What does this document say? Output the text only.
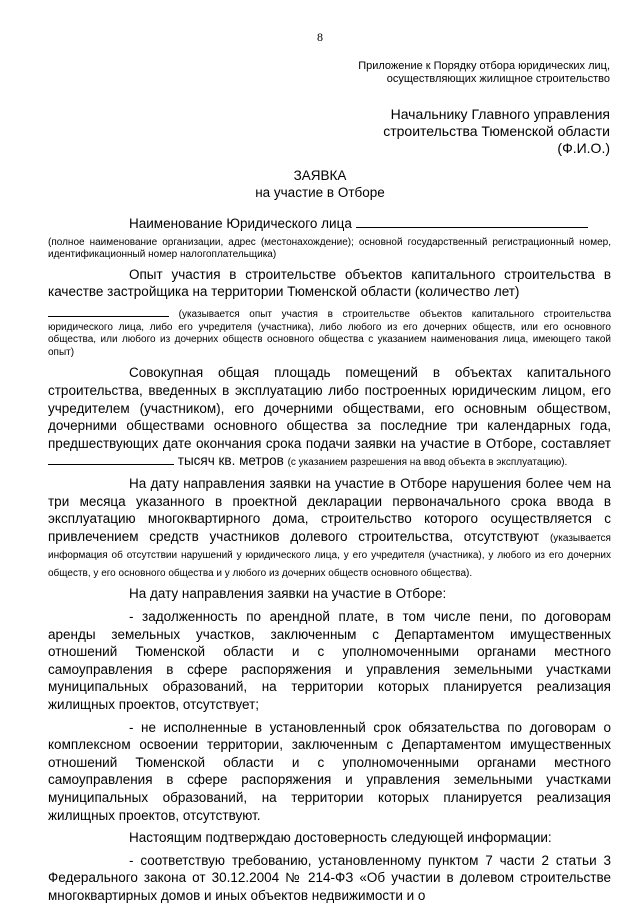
8
Приложение к Порядку отбора юридических лиц,
осуществляющих жилищное строительство
Начальнику Главного управления
строительства Тюменской области
(Ф.И.О.)
ЗАЯВКА
на участие в Отборе

Наименование Юридического лица

(полное наименование организации, адрес (местонахождение); основной государственный регистрационный номер, идентификационный номер налогоплательщика)

Опыт участия в строительстве объектов капитального строительства в качестве застройщика на территории Тюменской области (количество лет)

(указывается опыт участия в строительстве объектов капитального строительства юридического лица, либо его учредителя (участника), либо любого из его дочерних обществ, или его основного общества, или любого из дочерних обществ основного общества с указанием наименования лица, имеющего такой опыт)

Совокупная общая площадь помещений в объектах капитального строительства, введенных в эксплуатацию либо построенных юридическим лицом, его учредителем (участником), его дочерними обществами, его основным обществом, дочерними обществами основного общества за последние три календарных года, предшествующих дате окончания срока подачи заявки на участие в Отборе, составляет  тысяч кв. метров (с указанием разрешения на ввод объекта в эксплуатацию).

На дату направления заявки на участие в Отборе нарушения более чем на три месяца указанного в проектной декларации первоначального срока ввода в эксплуатацию многоквартирного дома, строительство которого осуществляется с привлечением средств участников долевого строительства, отсутствуют (указывается информация об отсутствии нарушений у юридического лица, у его учредителя (участника), у любого из его дочерних обществ, у его основного общества и у любого из дочерних обществ основного общества).

На дату направления заявки на участие в Отборе:

- задолженность по арендной плате, в том числе пени, по договорам аренды земельных участков, заключенным с Департаментом имущественных отношений Тюменской области и с уполномоченными органами местного самоуправления в сфере распоряжения и управления земельными участками муниципальных образований, на территории которых планируется реализация жилищных проектов, отсутствует;

- не исполненные в установленный срок обязательства по договорам о комплексном освоении территории, заключенным с Департаментом имущественных отношений Тюменской области и с уполномоченными органами местного самоуправления в сфере распоряжения и управления земельными участками муниципальных образований, на территории которых планируется реализация жилищных проектов, отсутствуют.

Настоящим подтверждаю достоверность следующей информации:

- соответствую требованию, установленному пунктом 7 части 2 статьи 3 Федерального закона от 30.12.2004 № 214-ФЗ «Об участии в долевом строительстве многоквартирных домов и иных объектов недвижимости и о
